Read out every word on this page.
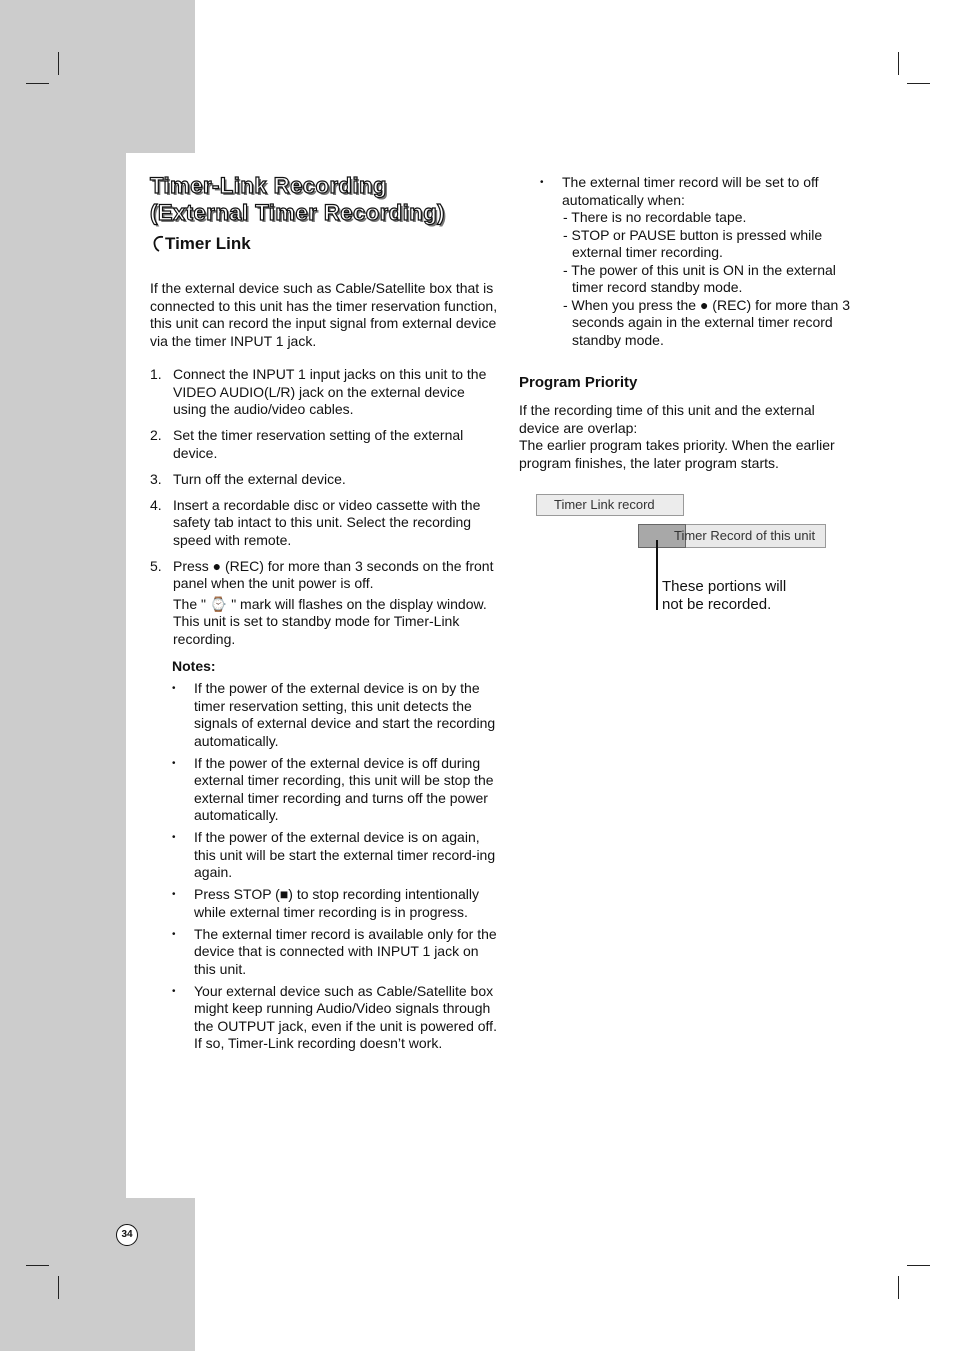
Timer-Link Recording
(External Timer Recording)
Timer Link
If the external device such as Cable/Satellite box that is connected to this unit has the timer reservation function, this unit can record the input signal from external device via the timer INPUT 1 jack.
1. Connect the INPUT 1 input jacks on this unit to the VIDEO AUDIO(L/R) jack on the external device using the audio/video cables.
2. Set the timer reservation setting of the external device.
3. Turn off the external device.
4. Insert a recordable disc or video cassette with the safety tab intact to this unit. Select the recording speed with remote.
5. Press ● (REC) for more than 3 seconds on the front panel when the unit power is off.
The " ⌚ " mark will flashes on the display window. This unit is set to standby mode for Timer-Link recording.
Notes:
• If the power of the external device is on by the timer reservation setting, this unit detects the signals of external device and start the recording automatically.
• If the power of the external device is off during external timer recording, this unit will be stop the external timer recording and turns off the power automatically.
• If the power of the external device is on again, this unit will be start the external timer record-ing again.
• Press STOP (■) to stop recording intentionally while external timer recording is in progress.
• The external timer record is available only for the device that is connected with INPUT 1 jack on this unit.
• Your external device such as Cable/Satellite box might keep running Audio/Video signals through the OUTPUT jack, even if the unit is powered off. If so, Timer-Link recording doesn’t work.
• The external timer record will be set to off automatically when:
- There is no recordable tape.
- STOP or PAUSE button is pressed while external timer recording.
- The power of this unit is ON in the external timer record standby mode.
- When you press the ● (REC) for more than 3 seconds again in the external timer record standby mode.
Program Priority
If the recording time of this unit and the external device are overlap:
The earlier program takes priority. When the earlier program finishes, the later program starts.
Timer Link record
Timer Record of this unit
These portions will
not be recorded.
34
